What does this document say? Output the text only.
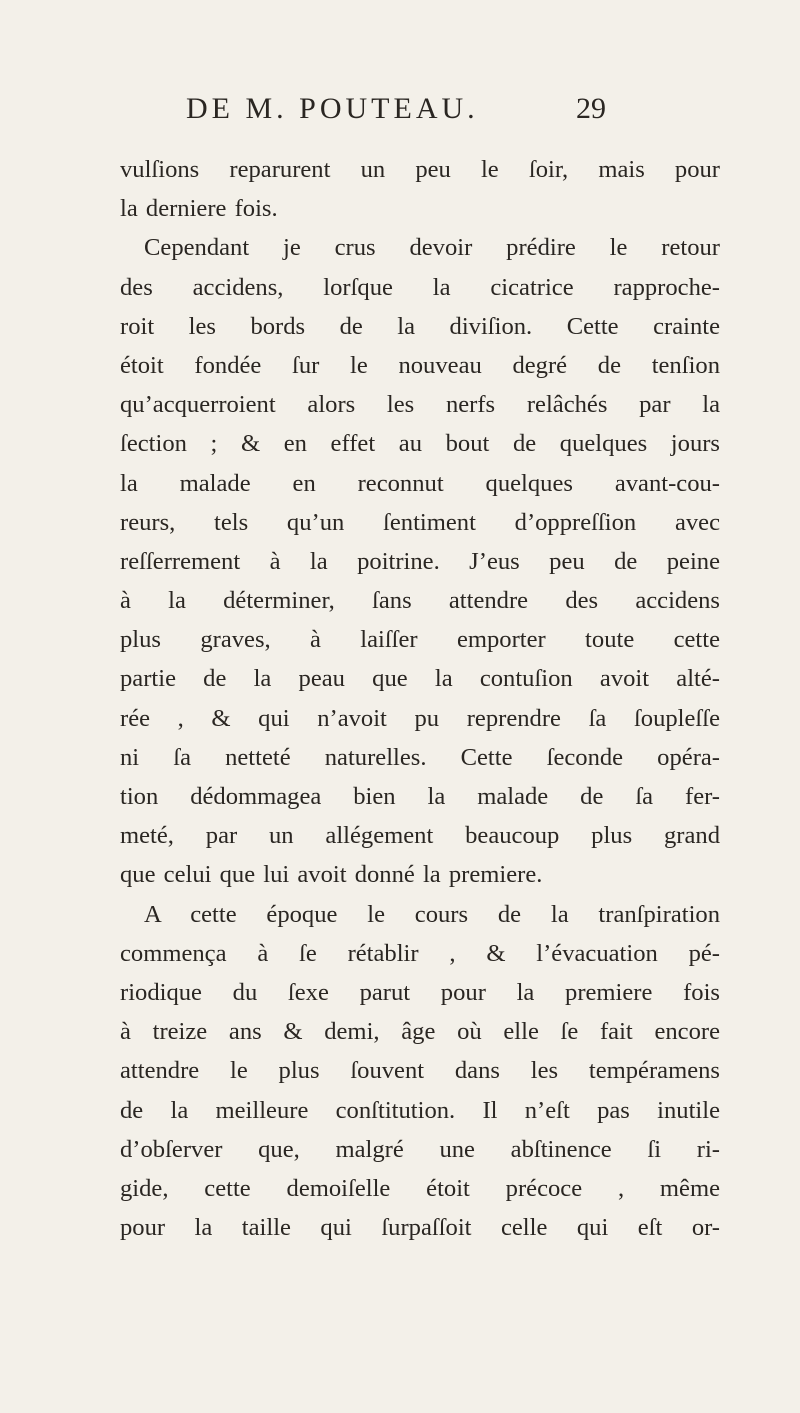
DE M. POUTEAU.	29
vulſions reparurent un peu le ſoir, mais pour
la derniere fois.
Cependant je crus devoir prédire le retour
des accidens, lorſque la cicatrice rapproche-
roit les bords de la diviſion. Cette crainte
étoit fondée ſur le nouveau degré de tenſion
qu’acquerroient alors les nerfs relâchés par la
ſection ; & en effet au bout de quelques jours
la malade en reconnut quelques avant-cou-
reurs, tels qu’un ſentiment d’oppreſſion avec
reſſerrement à la poitrine. J’eus peu de peine
à la déterminer, ſans attendre des accidens
plus graves, à laiſſer emporter toute cette
partie de la peau que la contuſion avoit alté-
rée , & qui n’avoit pu reprendre ſa ſoupleſſe
ni ſa netteté naturelles. Cette ſeconde opéra-
tion dédommagea bien la malade de ſa fer-
meté, par un allégement beaucoup plus grand
que celui que lui avoit donné la premiere.
A cette époque le cours de la tranſpiration
commença à ſe rétablir , & l’évacuation pé-
riodique du ſexe parut pour la premiere fois
à treize ans & demi, âge où elle ſe fait encore
attendre le plus ſouvent dans les tempéramens
de la meilleure conſtitution. Il n’eſt pas inutile
d’obſerver que, malgré une abſtinence ſi ri-
gide, cette demoiſelle étoit précoce , même
pour la taille qui ſurpaſſoit celle qui eſt or-
